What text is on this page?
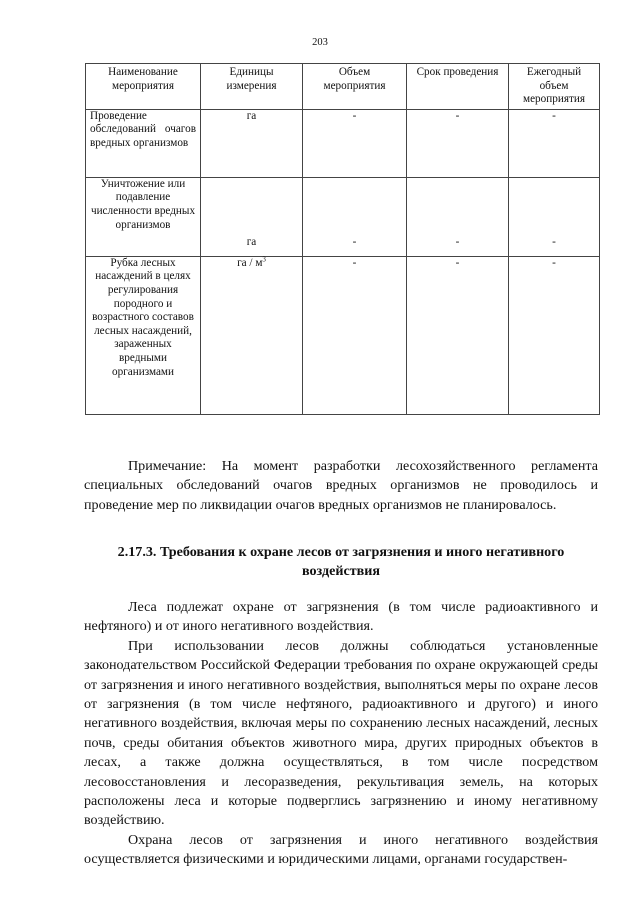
203
Наименование мероприятия	Единицы измерения	Объем мероприятия	Срок проведения	Ежегодный объем мероприятия
Проведение обследований очагов вредных организмов	га	-	-	-
Уничтожение или подавление численности вредных организмов	га	-	-	-
Рубка лесных насаждений в целях регулирования породного и возрастного составов лесных насаждений, зараженных вредными организмами	га / $м^3$	-	-	-

Примечание: На момент разработки лесохозяйственного регламента специальных обследований очагов вредных организмов не проводилось и проведение мер по ликвидации очагов вредных организмов не планировалось.

2.17.3. Требования к охране лесов от загрязнения и иного негативного воздействия

Леса подлежат охране от загрязнения (в том числе радиоактивного и нефтяного) и от иного негативного воздействия.

При использовании лесов должны соблюдаться установленные законодательством Российской Федерации требования по охране окружающей среды от загрязнения и иного негативного воздействия, выполняться меры по охране лесов от загрязнения (в том числе нефтяного, радиоактивного и другого) и иного негативного воздействия, включая меры по сохранению лесных насаждений, лесных почв, среды обитания объектов животного мира, других природных объектов в лесах, а также должна осуществляться, в том числе посредством лесовосстановления и лесоразведения, рекультивация земель, на которых расположены леса и которые подверглись загрязнению и иному негативному воздействию.

Охрана лесов от загрязнения и иного негативного воздействия осуществляется физическими и юридическими лицами, органами государствен-
